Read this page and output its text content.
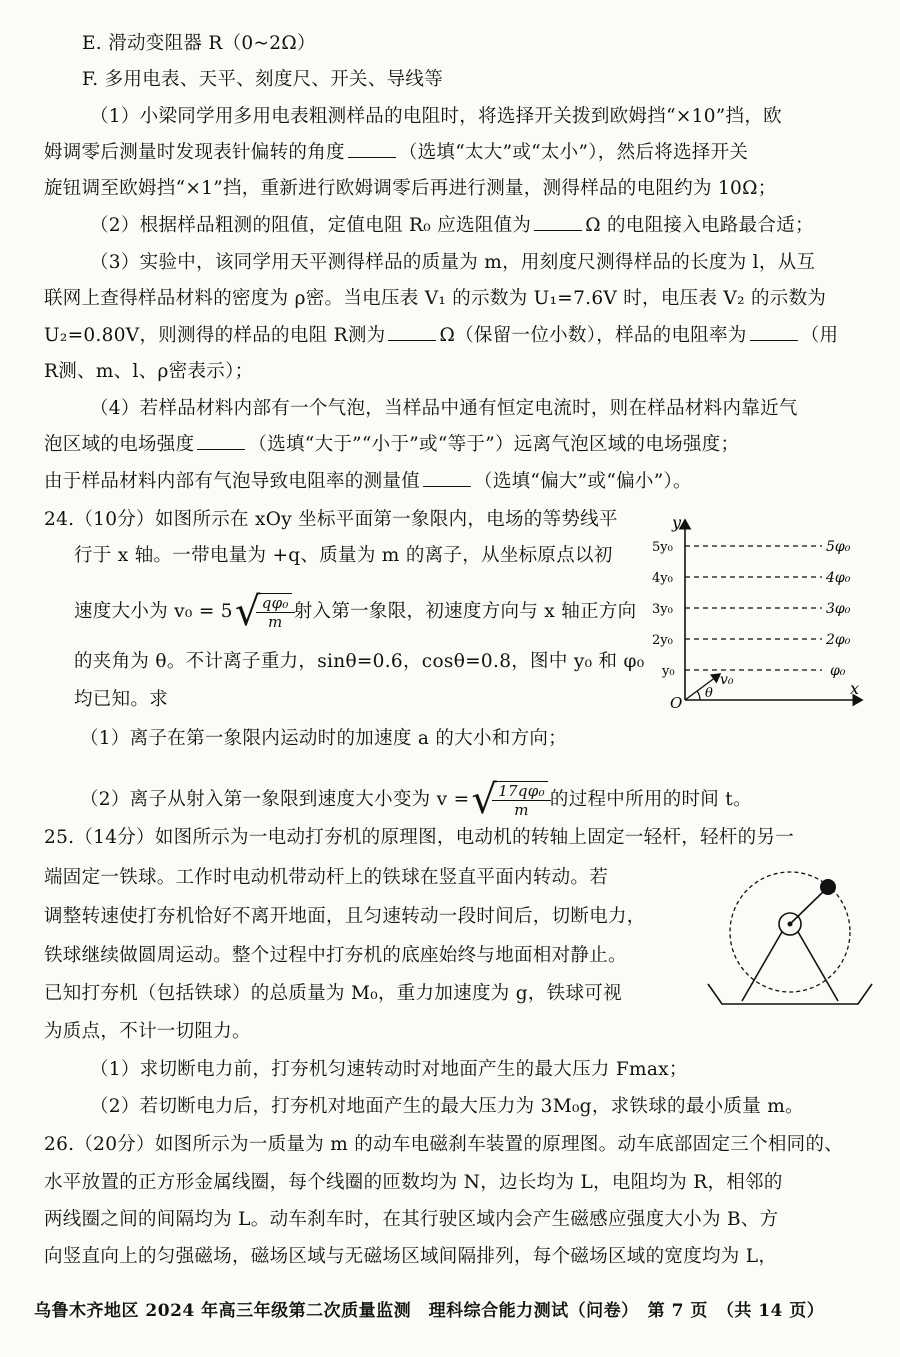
E. 滑动变阻器 R（0~2Ω）
F. 多用电表、天平、刻度尺、开关、导线等
（1）小梁同学用多用电表粗测样品的电阻时，将选择开关拨到欧姆挡“×10”挡，欧
姆调零后测量时发现表针偏转的角度	（选填“太大”或“太小”），然后将选择开关
旋钮调至欧姆挡“×1”挡，重新进行欧姆调零后再进行测量，测得样品的电阻约为 10Ω；
（2）根据样品粗测的阻值，定值电阻 R₀ 应选阻值为	Ω 的电阻接入电路最合适；
（3）实验中，该同学用天平测得样品的质量为 m，用刻度尺测得样品的长度为 l，从互
联网上查得样品材料的密度为 ρ密。当电压表 V₁ 的示数为 U₁=7.6V 时，电压表 V₂ 的示数为
U₂=0.80V，则测得的样品的电阻 R测为	Ω（保留一位小数），样品的电阻率为	（用
R测、m、l、ρ密表示）；
（4）若样品材料内部有一个气泡，当样品中通有恒定电流时，则在样品材料内靠近气
泡区域的电场强度	（选填“大于”“小于”或“等于”）远离气泡区域的电场强度；
由于样品材料内部有气泡导致电阻率的测量值	（选填“偏大”或“偏小”）。
24.（10分）如图所示在 xOy 坐标平面第一象限内，电场的等势线平
行于 x 轴。一带电量为 +q、质量为 m 的离子，从坐标原点以初
速度大小为 v₀ = 5 √
$\frac{\text{qφ₀}}{m}$ 射入第一象限，初速度方向与 x 轴正方向
的夹角为 θ。不计离子重力，sinθ=0.6，cosθ=0.8，图中 y₀ 和 φ₀
均已知。求
（1）离子在第一象限内运动时的加速度 a 的大小和方向；
（2）离子从射入第一象限到速度大小变为 v = √
$\frac{\text{17qφ₀}}{m}$ 的过程中所用的时间 t。
y
x
O
5y₀	5φ₀
4y₀	4φ₀
3y₀	3φ₀
2y₀	2φ₀
y₀	φ₀
v₀
θ
25.（14分）如图所示为一电动打夯机的原理图，电动机的转轴上固定一轻杆，轻杆的另一
端固定一铁球。工作时电动机带动杆上的铁球在竖直平面内转动。若
调整转速使打夯机恰好不离开地面，且匀速转动一段时间后，切断电力，
铁球继续做圆周运动。整个过程中打夯机的底座始终与地面相对静止。
已知打夯机（包括铁球）的总质量为 M₀，重力加速度为 g，铁球可视
为质点，不计一切阻力。
（1）求切断电力前，打夯机匀速转动时对地面产生的最大压力 Fmax；
（2）若切断电力后，打夯机对地面产生的最大压力为 3M₀g，求铁球的最小质量 m。
26.（20分）如图所示为一质量为 m 的动车电磁刹车装置的原理图。动车底部固定三个相同的、
水平放置的正方形金属线圈，每个线圈的匝数均为 N，边长均为 L，电阻均为 R，相邻的
两线圈之间的间隔均为 L。动车刹车时，在其行驶区域内会产生磁感应强度大小为 B、方
向竖直向上的匀强磁场，磁场区域与无磁场区域间隔排列，每个磁场区域的宽度均为 L，
乌鲁木齐地区 2024 年高三年级第二次质量监测　理科综合能力测试（问卷）　第 7 页　（共 14 页）
